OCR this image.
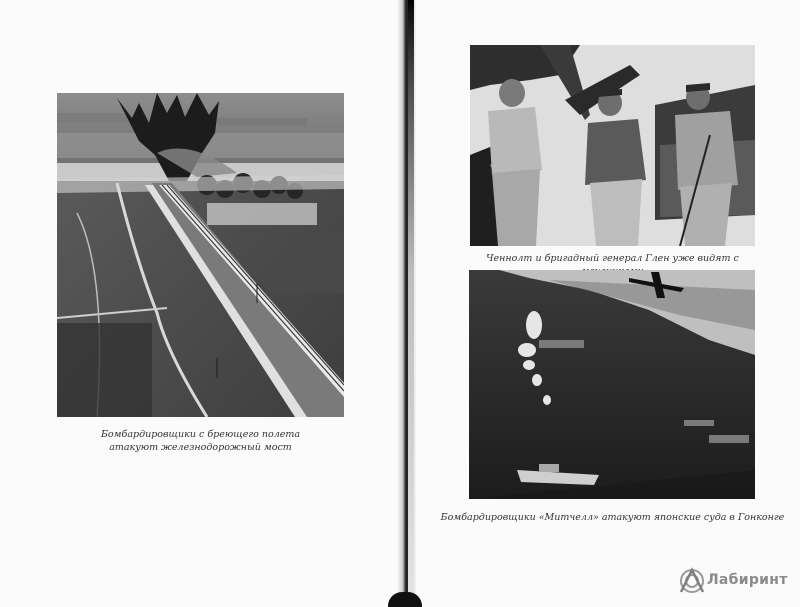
Бомбардировщики с бреющего полета
атакуют железнодорожный мост
Ченнолт и бригадный генерал Глен уже видят с
Бомбардировщики «Митчелл» атакуют японские суда в Гонконге
Лабиринт
